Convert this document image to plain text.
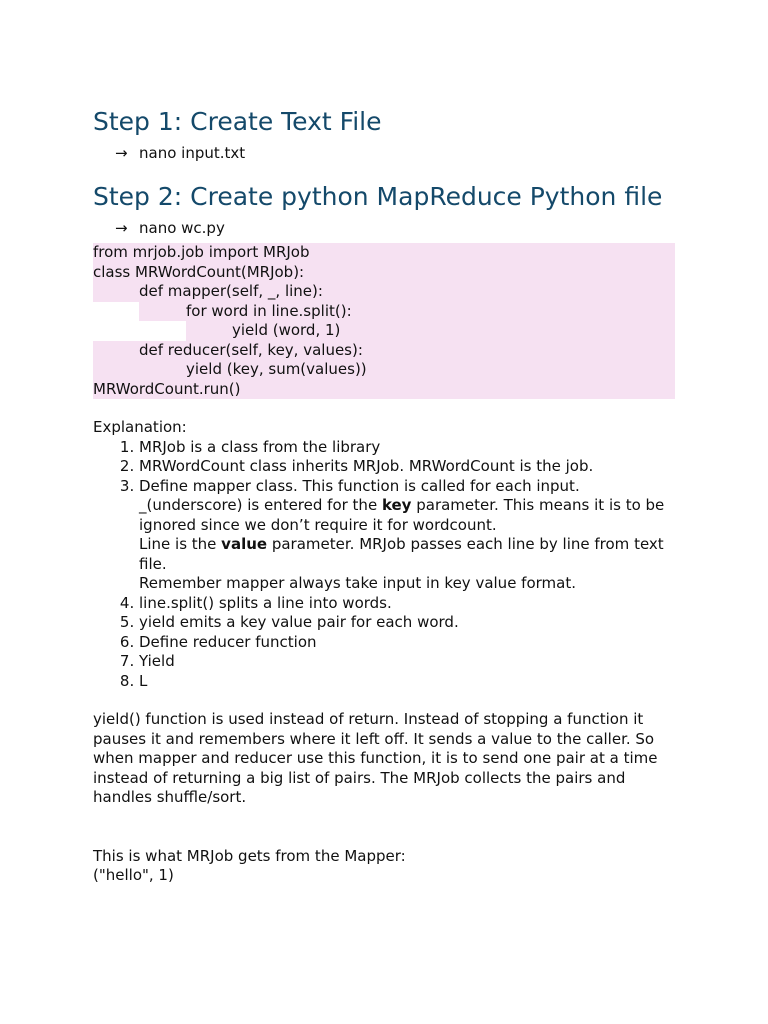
Step 1: Create Text File
→ nano input.txt
Step 2: Create python MapReduce Python file
→ nano wc.py
from mrjob.job import MRJob
class MRWordCount(MRJob):
def mapper(self, _, line):
for word in line.split():
yield (word, 1)
def reducer(self, key, values):
yield (key, sum(values))
MRWordCount.run()
Explanation:
1. MRJob is a class from the library
2. MRWordCount class inherits MRJob. MRWordCount is the job.
3. Define mapper class. This function is called for each input.
_(underscore) is entered for the key parameter. This means it is to be ignored since we don’t require it for wordcount.
Line is the value parameter. MRJob passes each line by line from text file.
Remember mapper always take input in key value format.
4. line.split() splits a line into words.
5. yield emits a key value pair for each word.
6. Define reducer function
7. Yield
8. L
yield() function is used instead of return. Instead of stopping a function it pauses it and remembers where it left off. It sends a value to the caller. So when mapper and reducer use this function, it is to send one pair at a time instead of returning a big list of pairs. The MRJob collects the pairs and handles shuffle/sort.
This is what MRJob gets from the Mapper:
("hello", 1)
